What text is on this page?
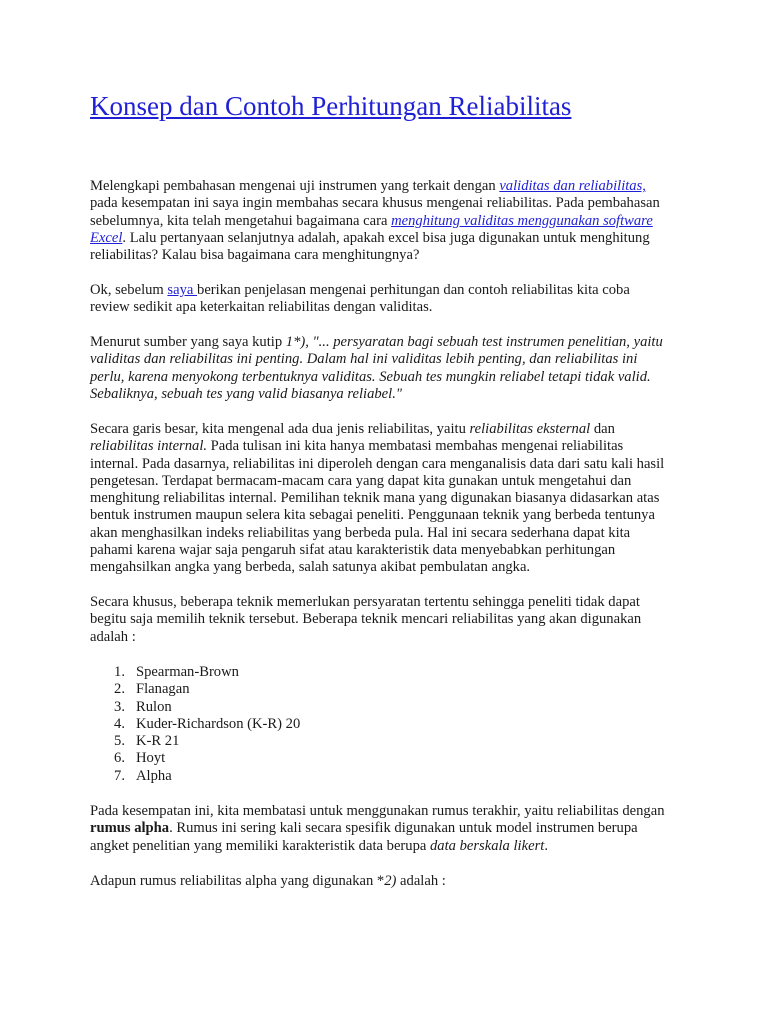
Konsep dan Contoh Perhitungan Reliabilitas

Melengkapi pembahasan mengenai uji instrumen yang terkait dengan validitas dan reliabilitas,
pada kesempatan ini saya ingin membahas secara khusus mengenai reliabilitas. Pada pembahasan
sebelumnya, kita telah mengetahui bagaimana cara menghitung validitas menggunakan software
Excel. Lalu pertanyaan selanjutnya adalah, apakah excel bisa juga digunakan untuk menghitung
reliabilitas? Kalau bisa bagaimana cara menghitungnya?

Ok, sebelum saya berikan penjelasan mengenai perhitungan dan contoh reliabilitas kita coba
review sedikit apa keterkaitan reliabilitas dengan validitas.

Menurut sumber yang saya kutip 1*), "... persyaratan bagi sebuah test instrumen penelitian, yaitu
validitas dan reliabilitas ini penting. Dalam hal ini validitas lebih penting, dan reliabilitas ini
perlu, karena menyokong terbentuknya validitas. Sebuah tes mungkin reliabel tetapi tidak valid.
Sebaliknya, sebuah tes yang valid biasanya reliabel."

Secara garis besar, kita mengenal ada dua jenis reliabilitas, yaitu reliabilitas eksternal dan
reliabilitas internal. Pada tulisan ini kita hanya membatasi membahas mengenai reliabilitas
internal. Pada dasarnya, reliabilitas ini diperoleh dengan cara menganalisis data dari satu kali hasil
pengetesan. Terdapat bermacam-macam cara yang dapat kita gunakan untuk mengetahui dan
menghitung reliabilitas internal. Pemilihan teknik mana yang digunakan biasanya didasarkan atas
bentuk instrumen maupun selera kita sebagai peneliti. Penggunaan teknik yang berbeda tentunya
akan menghasilkan indeks reliabilitas yang berbeda pula. Hal ini secara sederhana dapat kita
pahami karena wajar saja pengaruh sifat atau karakteristik data menyebabkan perhitungan
mengahsilkan angka yang berbeda, salah satunya akibat pembulatan angka.

Secara khusus, beberapa teknik memerlukan persyaratan tertentu sehingga peneliti tidak dapat
begitu saja memilih teknik tersebut. Beberapa teknik mencari reliabilitas yang akan digunakan
adalah :

1. Spearman-Brown
2. Flanagan
3. Rulon
4. Kuder-Richardson (K-R) 20
5. K-R 21
6. Hoyt
7. Alpha

Pada kesempatan ini, kita membatasi untuk menggunakan rumus terakhir, yaitu reliabilitas dengan
rumus alpha. Rumus ini sering kali secara spesifik digunakan untuk model instrumen berupa
angket penelitian yang memiliki karakteristik data berupa data berskala likert.

Adapun rumus reliabilitas alpha yang digunakan *2) adalah :
